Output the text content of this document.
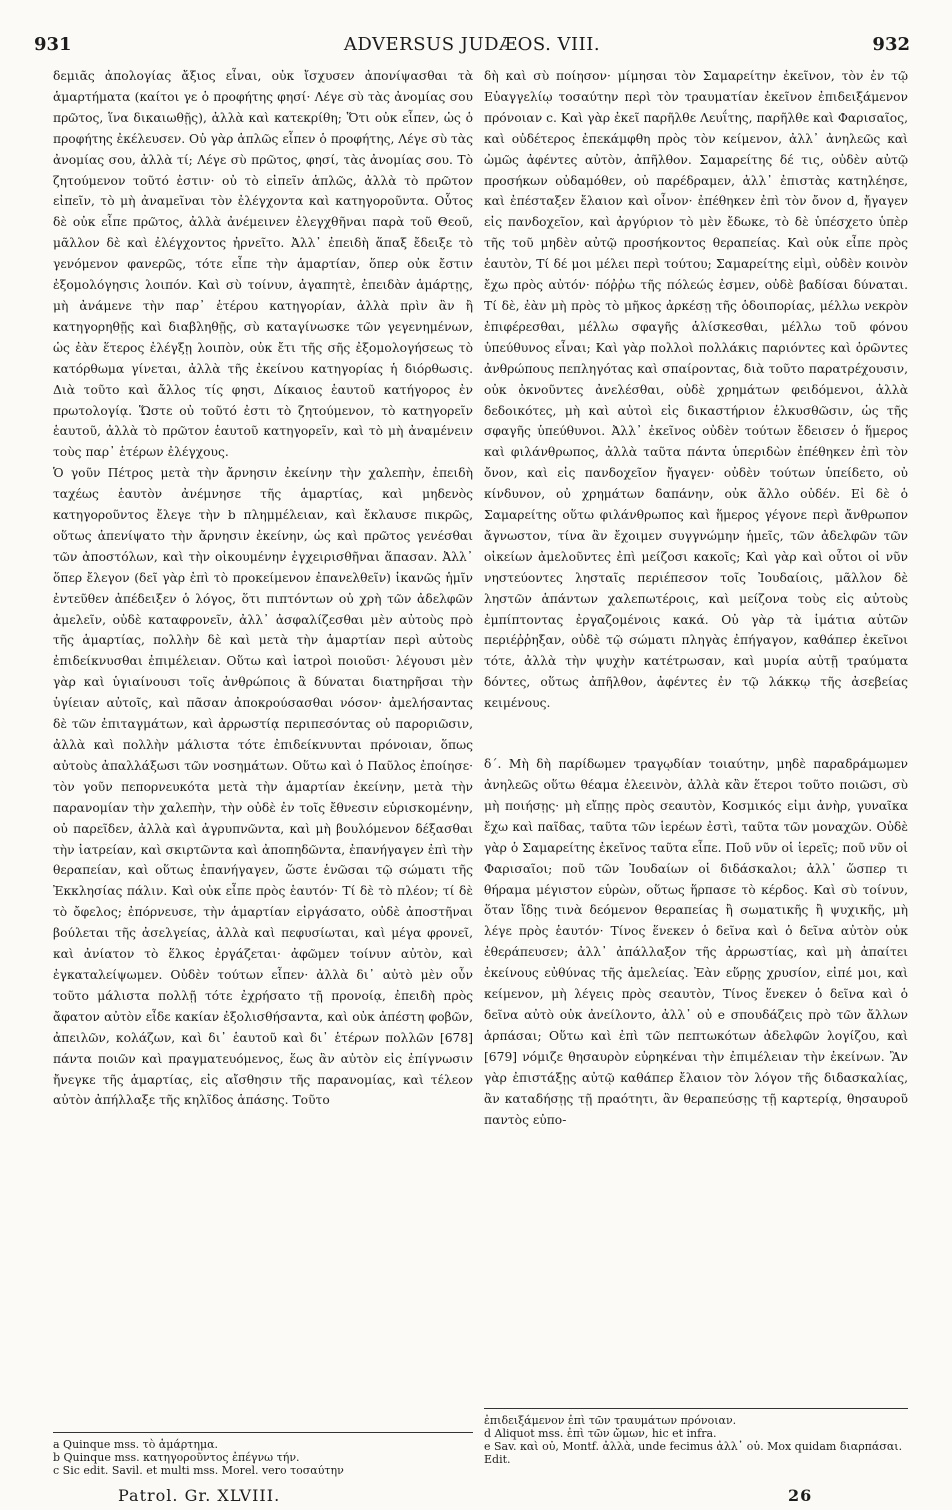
931	ADVERSUS JUDÆOS. VIII.	932

δεμιᾶς ἀπολογίας ἄξιος εἶναι, οὐκ ἴσχυσεν ἀπονίψασθαι τὰ ἁμαρτήματα (καίτοι γε ὁ προφήτης φησί· Λέγε σὺ τὰς ἀνομίας σου πρῶτος, ἵνα δικαιωθῇς), ἀλλὰ καὶ κατεκρίθη; Ὅτι οὐκ εἶπεν, ὡς ὁ προφήτης ἐκέλευσεν. Οὐ γὰρ ἁπλῶς εἶπεν ὁ προφήτης, Λέγε σὺ τὰς ἀνομίας σου, ἀλλὰ τί; Λέγε σὺ πρῶτος, φησί, τὰς ἀνομίας σου. Τὸ ζητούμενον τοῦτό ἐστιν· οὐ τὸ εἰπεῖν ἁπλῶς, ἀλλὰ τὸ πρῶτον εἰπεῖν, τὸ μὴ ἀναμεῖναι τὸν ἐλέγχοντα καὶ κατηγοροῦντα. Οὗτος δὲ οὐκ εἶπε πρῶτος, ἀλλὰ ἀνέμεινεν ἐλεγχθῆναι παρὰ τοῦ Θεοῦ, μᾶλλον δὲ καὶ ἐλέγχοντος ἠρνεῖτο. Ἀλλ᾽ ἐπειδὴ ἅπαξ ἔδειξε τὸ γενόμενον φανερῶς, τότε εἶπε τὴν ἁμαρτίαν, ὅπερ οὐκ ἔστιν ἐξομολόγησις λοιπόν. Καὶ σὺ τοίνυν, ἀγαπητὲ, ἐπειδὰν ἁμάρτῃς, μὴ ἀνάμενε τὴν παρ᾽ ἑτέρου κατηγορίαν, ἀλλὰ πρὶν ἂν ἢ κατηγορηθῇς καὶ διαβληθῇς, σὺ καταγίνωσκε τῶν γεγενημένων, ὡς ἐὰν ἕτερος ἐλέγξῃ λοιπὸν, οὐκ ἔτι τῆς σῆς ἐξομολογήσεως τὸ κατόρθωμα γίνεται, ἀλλὰ τῆς ἐκείνου κατηγορίας ἡ διόρθωσις. Διὰ τοῦτο καὶ ἄλλος τίς φησι, Δίκαιος ἑαυτοῦ κατήγορος ἐν πρωτολογίᾳ. Ὥστε οὐ τοῦτό ἐστι τὸ ζητούμενον, τὸ κατηγορεῖν ἑαυτοῦ, ἀλλὰ τὸ πρῶτον ἑαυτοῦ κατηγορεῖν, καὶ τὸ μὴ ἀναμένειν τοὺς παρ᾽ ἑτέρων ἐλέγχους.

Ὁ γοῦν Πέτρος μετὰ τὴν ἄρνησιν ἐκείνην τὴν χαλεπὴν, ἐπειδὴ ταχέως ἑαυτὸν ἀνέμνησε τῆς ἁμαρτίας, καὶ μηδενὸς κατηγοροῦντος ἔλεγε τὴν b πλημμέλειαν, καὶ ἔκλαυσε πικρῶς, οὕτως ἀπενίψατο τὴν ἄρνησιν ἐκείνην, ὡς καὶ πρῶτος γενέσθαι τῶν ἀποστόλων, καὶ τὴν οἰκουμένην ἐγχειρισθῆναι ἅπασαν. Ἀλλ᾽ ὅπερ ἔλεγον (δεῖ γὰρ ἐπὶ τὸ προκείμενον ἐπανελθεῖν) ἱκανῶς ἡμῖν ἐντεῦθεν ἀπέδειξεν ὁ λόγος, ὅτι πιπτόντων οὐ χρὴ τῶν ἀδελφῶν ἀμελεῖν, οὐδὲ καταφρονεῖν, ἀλλ᾽ ἀσφαλίζεσθαι μὲν αὐτοὺς πρὸ τῆς ἁμαρτίας, πολλὴν δὲ καὶ μετὰ τὴν ἁμαρτίαν περὶ αὐτοὺς ἐπιδείκνυσθαι ἐπιμέλειαν. Οὕτω καὶ ἰατροὶ ποιοῦσι· λέγουσι μὲν γὰρ καὶ ὑγιαίνουσι τοῖς ἀνθρώποις ἃ δύναται διατηρῆσαι τὴν ὑγίειαν αὐτοῖς, καὶ πᾶσαν ἀποκρούσασθαι νόσον· ἀμελήσαντας δὲ τῶν ἐπιταγμάτων, καὶ ἀρρωστίᾳ περιπεσόντας οὐ παροριῶσιν, ἀλλὰ καὶ πολλὴν μάλιστα τότε ἐπιδείκνυνται πρόνοιαν, ὅπως αὐτοὺς ἀπαλλάξωσι τῶν νοσημάτων. Οὕτω καὶ ὁ Παῦλος ἐποίησε· τὸν γοῦν πεπορνευκότα μετὰ τὴν ἁμαρτίαν ἐκείνην, μετὰ τὴν παρανομίαν τὴν χαλεπὴν, τὴν οὐδὲ ἐν τοῖς ἔθνεσιν εὑρισκομένην, οὐ παρεῖδεν, ἀλλὰ καὶ ἀγρυπνῶντα, καὶ μὴ βουλόμενον δέξασθαι τὴν ἰατρείαν, καὶ σκιρτῶντα καὶ ἀποπηδῶντα, ἐπανήγαγεν ἐπὶ τὴν θεραπείαν, καὶ οὕτως ἐπανήγαγεν, ὥστε ἑνῶσαι τῷ σώματι τῆς Ἐκκλησίας πάλιν. Καὶ οὐκ εἶπε πρὸς ἑαυτόν· Τί δὲ τὸ πλέον; τί δὲ τὸ ὄφελος; ἐπόρνευσε, τὴν ἁμαρτίαν εἰργάσατο, οὐδὲ ἀποστῆναι βούλεται τῆς ἀσελγείας, ἀλλὰ καὶ πεφυσίωται, καὶ μέγα φρονεῖ, καὶ ἀνίατον τὸ ἕλκος ἐργάζεται· ἀφῶμεν τοίνυν αὐτὸν, καὶ ἐγκαταλείψωμεν. Οὐδὲν τούτων εἶπεν· ἀλλὰ δι᾽ αὐτὸ μὲν οὖν τοῦτο μάλιστα πολλῇ τότε ἐχρήσατο τῇ προνοίᾳ, ἐπειδὴ πρὸς ἄφατον αὐτὸν εἶδε κακίαν ἐξολισθήσαντα, καὶ οὐκ ἀπέστη φοβῶν, ἀπειλῶν, κολάζων, καὶ δι᾽ ἑαυτοῦ καὶ δι᾽ ἑτέρων πολλῶν [678] πάντα ποιῶν καὶ πραγματευόμενος, ἕως ἂν αὐτὸν εἰς ἐπίγνωσιν ἤνεγκε τῆς ἁμαρτίας, εἰς αἴσθησιν τῆς παρανομίας, καὶ τέλεον αὐτὸν ἀπήλλαξε τῆς κηλῖδος ἁπάσης. Τοῦτο

δὴ καὶ σὺ ποίησον· μίμησαι τὸν Σαμαρείτην ἐκεῖνον, τὸν ἐν τῷ Εὐαγγελίῳ τοσαύτην περὶ τὸν τραυματίαν ἐκεῖνον ἐπιδειξάμενον πρόνοιαν c. Καὶ γὰρ ἐκεῖ παρῆλθε Λευΐτης, παρῆλθε καὶ Φαρισαῖος, καὶ οὐδέτερος ἐπεκάμφθη πρὸς τὸν κείμενον, ἀλλ᾽ ἀνηλεῶς καὶ ὠμῶς ἀφέντες αὐτὸν, ἀπῆλθον. Σαμαρείτης δέ τις, οὐδὲν αὐτῷ προσήκων οὐδαμόθεν, οὐ παρέδραμεν, ἀλλ᾽ ἐπιστὰς κατηλέησε, καὶ ἐπέσταξεν ἔλαιον καὶ οἶνον· ἐπέθηκεν ἐπὶ τὸν ὄνον d, ἤγαγεν εἰς πανδοχεῖον, καὶ ἀργύριον τὸ μὲν ἔδωκε, τὸ δὲ ὑπέσχετο ὑπὲρ τῆς τοῦ μηδὲν αὐτῷ προσήκοντος θεραπείας. Καὶ οὐκ εἶπε πρὸς ἑαυτὸν, Τί δέ μοι μέλει περὶ τούτου; Σαμαρείτης εἰμὶ, οὐδὲν κοινὸν ἔχω πρὸς αὐτόν· πόῤῥω τῆς πόλεώς ἐσμεν, οὐδὲ βαδίσαι δύναται. Τί δὲ, ἐὰν μὴ πρὸς τὸ μῆκος ἀρκέσῃ τῆς ὁδοιπορίας, μέλλω νεκρὸν ἐπιφέρεσθαι, μέλλω σφαγῆς ἁλίσκεσθαι, μέλλω τοῦ φόνου ὑπεύθυνος εἶναι; Καὶ γὰρ πολλοὶ πολλάκις παριόντες καὶ ὁρῶντες ἀνθρώπους πεπληγότας καὶ σπαίροντας, διὰ τοῦτο παρατρέχουσιν, οὐκ ὀκνοῦντες ἀνελέσθαι, οὐδὲ χρημάτων φειδόμενοι, ἀλλὰ δεδοικότες, μὴ καὶ αὐτοὶ εἰς δικαστήριον ἑλκυσθῶσιν, ὡς τῆς σφαγῆς ὑπεύθυνοι. Ἀλλ᾽ ἐκεῖνος οὐδὲν τούτων ἔδεισεν ὁ ἥμερος καὶ φιλάνθρωπος, ἀλλὰ ταῦτα πάντα ὑπεριδὼν ἐπέθηκεν ἐπὶ τὸν ὄνον, καὶ εἰς πανδοχεῖον ἤγαγεν· οὐδὲν τούτων ὑπείδετο, οὐ κίνδυνον, οὐ χρημάτων δαπάνην, οὐκ ἄλλο οὐδέν. Εἰ δὲ ὁ Σαμαρείτης οὕτω φιλάνθρωπος καὶ ἥμερος γέγονε περὶ ἄνθρωπον ἄγνωστον, τίνα ἂν ἔχοιμεν συγγνώμην ἡμεῖς, τῶν ἀδελφῶν τῶν οἰκείων ἀμελοῦντες ἐπὶ μείζοσι κακοῖς; Καὶ γὰρ καὶ οὗτοι οἱ νῦν νηστεύοντες λησταῖς περιέπεσον τοῖς Ἰουδαίοις, μᾶλλον δὲ ληστῶν ἁπάντων χαλεπωτέροις, καὶ μείζονα τοὺς εἰς αὐτοὺς ἐμπίπτοντας ἐργαζομένοις κακά. Οὐ γὰρ τὰ ἱμάτια αὐτῶν περιέῤῥηξαν, οὐδὲ τῷ σώματι πληγὰς ἐπήγαγον, καθάπερ ἐκεῖνοι τότε, ἀλλὰ τὴν ψυχὴν κατέτρωσαν, καὶ μυρία αὐτῇ τραύματα δόντες, οὕτως ἀπῆλθον, ἀφέντες ἐν τῷ λάκκῳ τῆς ἀσεβείας κειμένους.

δ΄. Μὴ δὴ παρίδωμεν τραγῳδίαν τοιαύτην, μηδὲ παραδράμωμεν ἀνηλεῶς οὕτω θέαμα ἐλεεινὸν, ἀλλὰ κἂν ἕτεροι τοῦτο ποιῶσι, σὺ μὴ ποιήσῃς· μὴ εἴπῃς πρὸς σεαυτὸν, Κοσμικός εἰμι ἀνὴρ, γυναῖκα ἔχω καὶ παῖδας, ταῦτα τῶν ἱερέων ἐστὶ, ταῦτα τῶν μοναχῶν. Οὐδὲ γὰρ ὁ Σαμαρείτης ἐκεῖνος ταῦτα εἶπε. Ποῦ νῦν οἱ ἱερεῖς; ποῦ νῦν οἱ Φαρισαῖοι; ποῦ τῶν Ἰουδαίων οἱ διδάσκαλοι; ἀλλ᾽ ὥσπερ τι θήραμα μέγιστον εὑρὼν, οὕτως ἥρπασε τὸ κέρδος. Καὶ σὺ τοίνυν, ὅταν ἴδῃς τινὰ δεόμενον θεραπείας ἢ σωματικῆς ἢ ψυχικῆς, μὴ λέγε πρὸς ἑαυτόν· Τίνος ἕνεκεν ὁ δεῖνα καὶ ὁ δεῖνα αὐτὸν οὐκ ἐθεράπευσεν; ἀλλ᾽ ἀπάλλαξον τῆς ἀρρωστίας, καὶ μὴ ἀπαίτει ἐκείνους εὐθύνας τῆς ἀμελείας. Ἐὰν εὕρῃς χρυσίον, εἰπέ μοι, καὶ κείμενον, μὴ λέγεις πρὸς σεαυτὸν, Τίνος ἕνεκεν ὁ δεῖνα καὶ ὁ δεῖνα αὐτὸ οὐκ ἀνείλοντο, ἀλλ᾽ οὐ e σπουδάζεις πρὸ τῶν ἄλλων ἁρπάσαι; Οὕτω καὶ ἐπὶ τῶν πεπτωκότων ἀδελφῶν λογίζου, καὶ [679] νόμιζε θησαυρὸν εὑρηκέναι τὴν ἐπιμέλειαν τὴν ἐκείνων. Ἂν γὰρ ἐπιστάξῃς αὐτῷ καθάπερ ἔλαιον τὸν λόγον τῆς διδασκαλίας, ἂν καταδήσῃς τῇ πραότητι, ἂν θεραπεύσῃς τῇ καρτερίᾳ, θησαυροῦ παντὸς εὐπο-

a Quinque mss. τὸ ἁμάρτημα.
b Quinque mss. κατηγοροῦντος ἐπέγνω τήν.
c Sic edit. Savil. et multi mss. Morel. vero τοσαύτην
ἐπιδειξάμενον ἐπὶ τῶν τραυμάτων πρόνοιαν.
d Aliquot mss. ἐπὶ τῶν ὤμων, hic et infra.
e Sav. καὶ οὐ, Montf. ἀλλὰ, unde fecimus ἀλλ᾽ οὐ. Mox quidam διαρπάσαι. Edit.
Patrol. Gr. XLVIII.	26
